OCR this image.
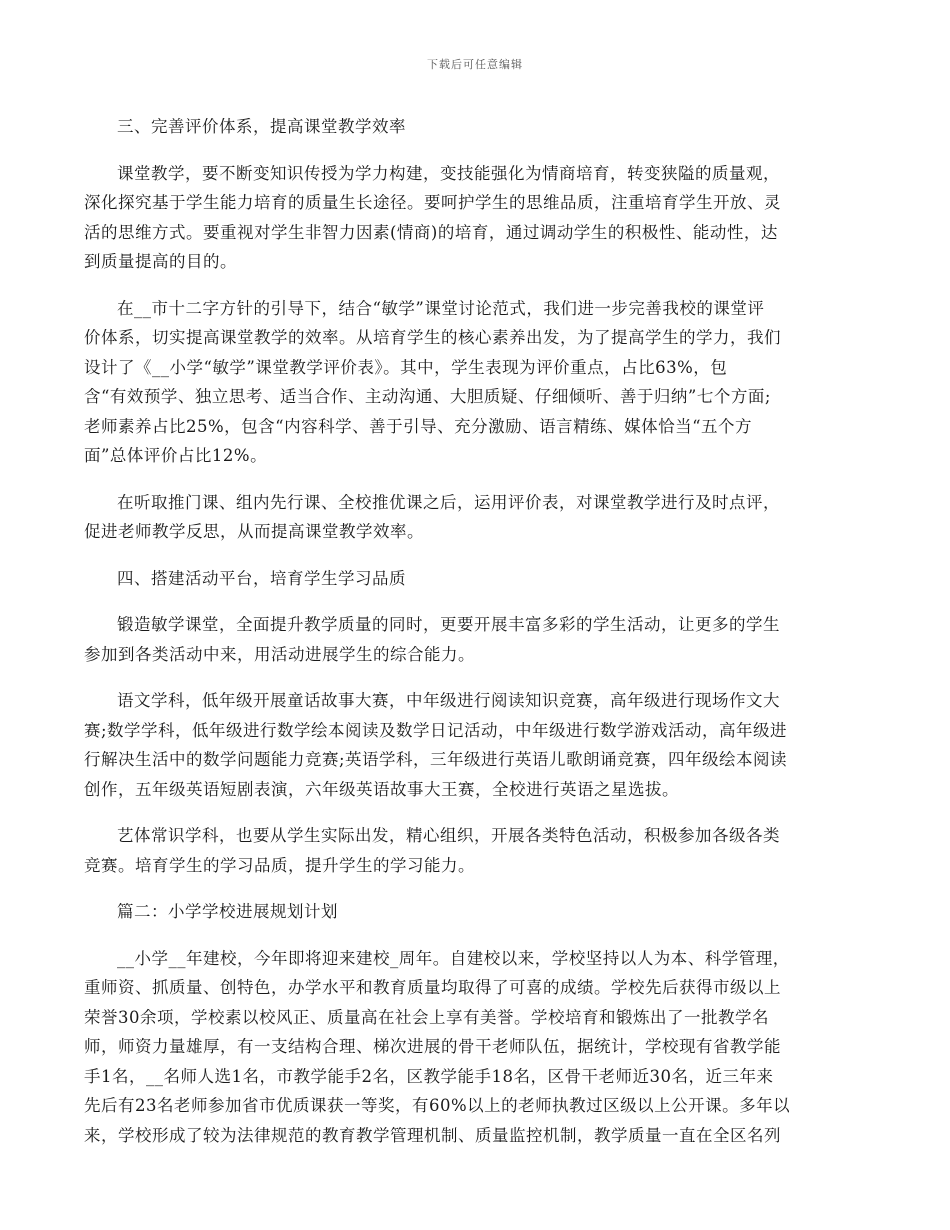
下载后可任意编辑
三、完善评价体系，提高课堂教学效率

课堂教学，要不断变知识传授为学力构建，变技能强化为情商培育，转变狭隘的质量观，
深化探究基于学生能力培育的质量生长途径。要呵护学生的思维品质，注重培育学生开放、灵
活的思维方式。要重视对学生非智力因素(情商)的培育，通过调动学生的积极性、能动性，达
到质量提高的目的。

在__市十二字方针的引导下，结合“敏学”课堂讨论范式，我们进一步完善我校的课堂评
价体系，切实提高课堂教学的效率。从培育学生的核心素养出发，为了提高学生的学力，我们
设计了《__小学“敏学”课堂教学评价表》。其中，学生表现为评价重点，占比63%，包
含“有效预学、独立思考、适当合作、主动沟通、大胆质疑、仔细倾听、善于归纳”七个方面;
老师素养占比25%，包含“内容科学、善于引导、充分激励、语言精练、媒体恰当“五个方
面”总体评价占比12%。

在听取推门课、组内先行课、全校推优课之后，运用评价表，对课堂教学进行及时点评，
促进老师教学反思，从而提高课堂教学效率。

四、搭建活动平台，培育学生学习品质

锻造敏学课堂，全面提升教学质量的同时，更要开展丰富多彩的学生活动，让更多的学生
参加到各类活动中来，用活动进展学生的综合能力。

语文学科，低年级开展童话故事大赛，中年级进行阅读知识竞赛，高年级进行现场作文大
赛;数学学科，低年级进行数学绘本阅读及数学日记活动，中年级进行数学游戏活动，高年级进
行解决生活中的数学问题能力竞赛;英语学科，三年级进行英语儿歌朗诵竞赛，四年级绘本阅读
创作，五年级英语短剧表演，六年级英语故事大王赛，全校进行英语之星选拔。

艺体常识学科，也要从学生实际出发，精心组织，开展各类特色活动，积极参加各级各类
竞赛。培育学生的学习品质，提升学生的学习能力。

篇二：小学学校进展规划计划

__小学__年建校，今年即将迎来建校_周年。自建校以来，学校坚持以人为本、科学管理，
重师资、抓质量、创特色，办学水平和教育质量均取得了可喜的成绩。学校先后获得市级以上
荣誉30余项，学校素以校风正、质量高在社会上享有美誉。学校培育和锻炼出了一批教学名
师，师资力量雄厚，有一支结构合理、梯次进展的骨干老师队伍，据统计，学校现有省教学能
手1名，__名师人选1名，市教学能手2名，区教学能手18名，区骨干老师近30名，近三年来
先后有23名老师参加省市优质课获一等奖，有60%以上的老师执教过区级以上公开课。多年以
来，学校形成了较为法律规范的教育教学管理机制、质量监控机制，教学质量一直在全区名列
